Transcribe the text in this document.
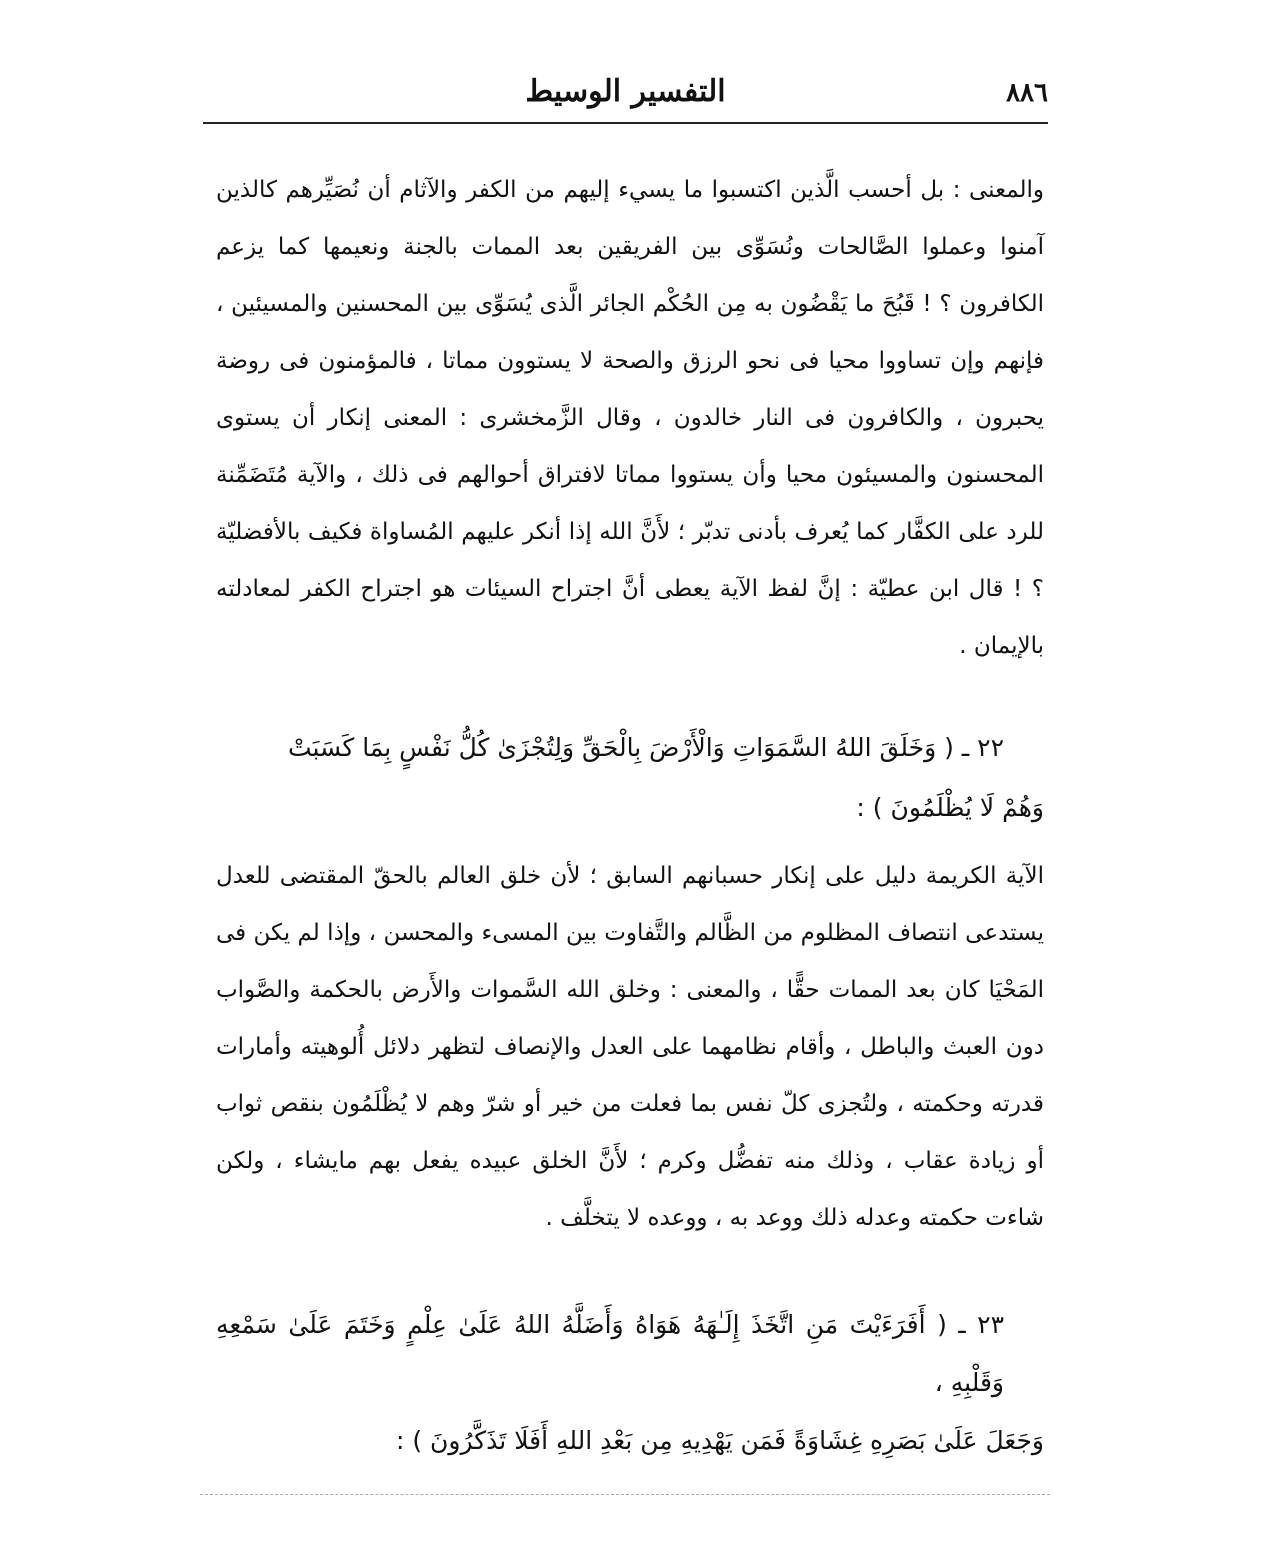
٨٨٦
التفسير الوسيط

والمعنى : بل أحسب الَّذين اكتسبوا ما يسيء إليهم من الكفر والآثام أن نُصَيِّرهم كالذين آمنوا وعملوا الصَّالحات ونُسَوِّى بين الفريقين بعد الممات بالجنة ونعيمها كما يزعم الكافرون ؟ ! قَبُحَ ما يَقْضُون به مِن الحُكْم الجائر الَّذى يُسَوِّى بين المحسنين والمسيئين ، فإنهم وإن تساووا محيا فى نحو الرزق والصحة لا يستوون مماتا ، فالمؤمنون فى روضة يحبرون ، والكافرون فى النار خالدون ، وقال الزَّمخشرى : المعنى إنكار أن يستوى المحسنون والمسيئون محيا وأن يستووا مماتا لافتراق أحوالهم فى ذلك ، والآية مُتَضَمِّنة للرد على الكفَّار كما يُعرف بأدنى تدبّر ؛ لأَنَّ الله إذا أنكر عليهم المُساواة فكيف بالأفضليّة ؟ ! قال ابن عطيّة : إنَّ لفظ الآية يعطى أنَّ اجتراح السيئات هو اجتراح الكفر لمعادلته بالإيمان .

٢٢ ـ ( وَخَلَقَ اللهُ السَّمَوَاتِ وَالْأَرْضَ بِالْحَقِّ وَلِتُجْزَىٰ كُلُّ نَفْسٍ بِمَا كَسَبَتْ
وَهُمْ لَا يُظْلَمُونَ ) :

الآية الكريمة دليل على إنكار حسبانهم السابق ؛ لأن خلق العالم بالحقّ المقتضى للعدل يستدعى انتصاف المظلوم من الظَّالم والتَّفاوت بين المسىء والمحسن ، وإذا لم يكن فى المَحْيَا كان بعد الممات حقًّا ، والمعنى : وخلق الله السَّموات والأَرض بالحكمة والصَّواب دون العبث والباطل ، وأقام نظامهما على العدل والإنصاف لتظهر دلائل أُلوهيته وأمارات قدرته وحكمته ، ولتُجزى كلّ نفس بما فعلت من خير أو شرّ وهم لا يُظْلَمُون بنقص ثواب أو زيادة عقاب ، وذلك منه تفضُّل وكرم ؛ لأَنَّ الخلق عبيده يفعل بهم مايشاء ، ولكن شاءت حكمته وعدله ذلك ووعد به ، ووعده لا يتخلَّف .

٢٣ ـ ( أَفَرَءَيْتَ مَنِ اتَّخَذَ إِلَـٰهَهُ هَوَاهُ وَأَضَلَّهُ اللهُ عَلَىٰ عِلْمٍ وَخَتَمَ عَلَىٰ سَمْعِهِ وَقَلْبِهِ ،
وَجَعَلَ عَلَىٰ بَصَرِهِ غِشَاوَةً فَمَن يَهْدِيهِ مِن بَعْدِ اللهِ أَفَلَا تَذَكَّرُونَ ) :
